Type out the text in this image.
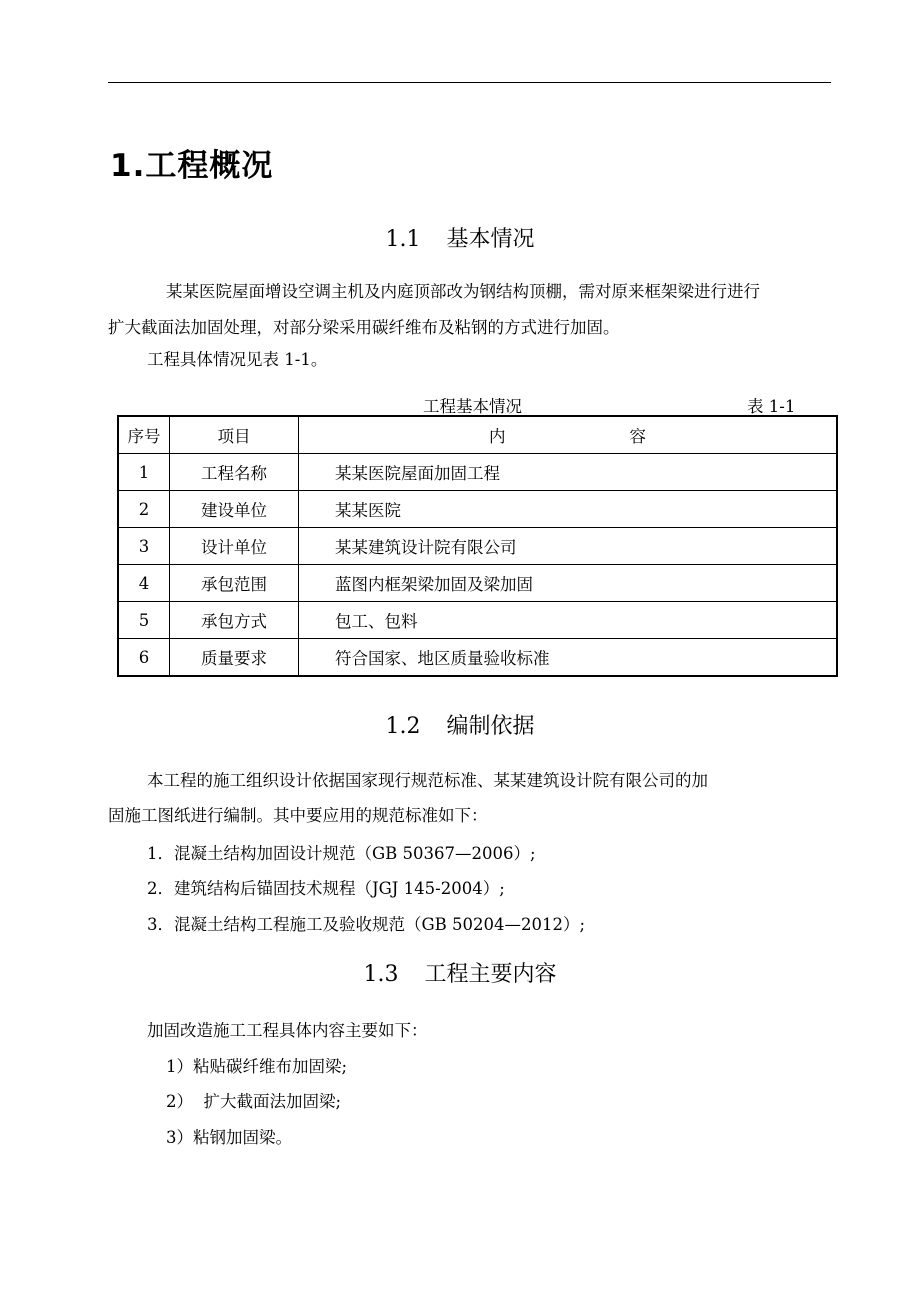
1.工程概况
1.1 基本情况

某某医院屋面增设空调主机及内庭顶部改为钢结构顶棚，需对原来框架梁进行进行

扩大截面法加固处理，对部分梁采用碳纤维布及粘钢的方式进行加固。

工程具体情况见表 1-1。

工程基本情况	表 1-1
序号	项目	内 容
1	工程名称	某某医院屋面加固工程
2	建设单位	某某医院
3	设计单位	某某建筑设计院有限公司
4	承包范围	蓝图内框架梁加固及梁加固
5	承包方式	包工、包料
6	质量要求	符合国家、地区质量验收标准
1.2 编制依据

本工程的施工组织设计依据国家现行规范标准、某某建筑设计院有限公司的加

固施工图纸进行编制。其中要应用的规范标准如下：

1．混凝土结构加固设计规范（GB 50367—2006）;

2．建筑结构后锚固技术规程（JGJ 145-2004）;

3．混凝土结构工程施工及验收规范（GB 50204—2012）;

1.3 工程主要内容

加固改造施工工程具体内容主要如下：

1）粘贴碳纤维布加固梁;

2）  扩大截面法加固梁;

3）粘钢加固梁。
